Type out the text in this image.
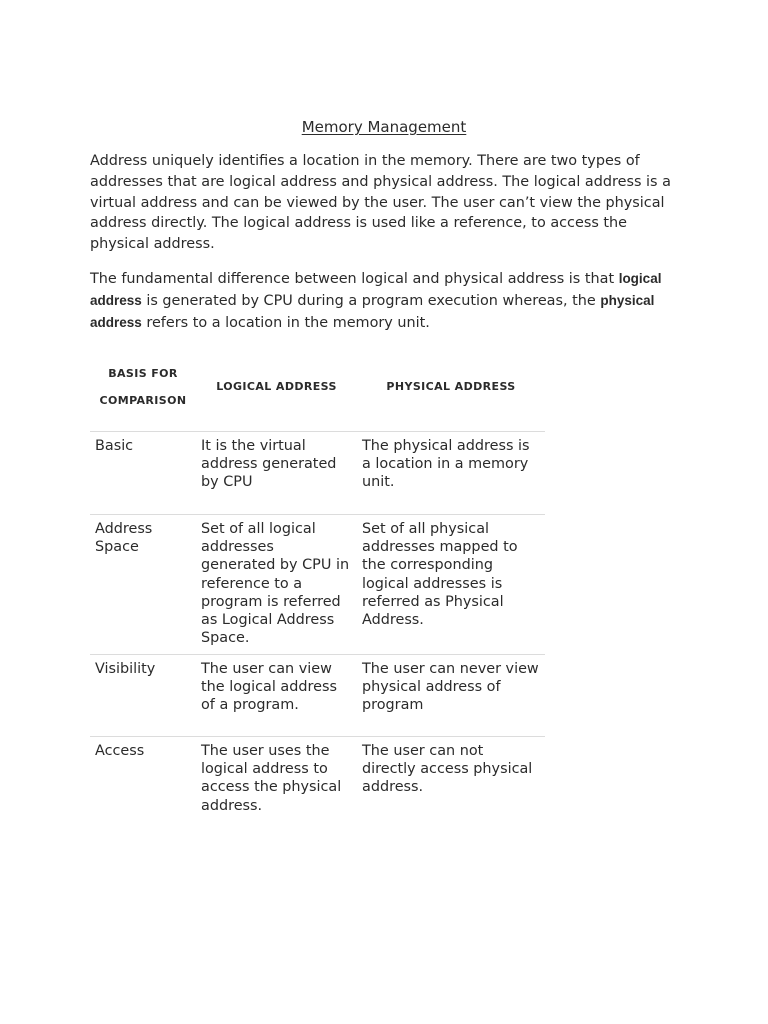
Memory Management

Address uniquely identifies a location in the memory. There are two types of addresses that are logical address and physical address. The logical address is a virtual address and can be viewed by the user. The user can’t view the physical address directly. The logical address is used like a reference, to access the physical address.

The fundamental difference between logical and physical address is that logical address is generated by CPU during a program execution whereas, the physical address refers to a location in the memory unit.

BASIS FOR
COMPARISON	LOGICAL ADDRESS	PHYSICAL ADDRESS
Basic	It is the virtual address generated by CPU	The physical address is a location in a memory unit.
Address Space	Set of all logical addresses generated by CPU in reference to a program is referred as Logical Address Space.	Set of all physical addresses mapped to the corresponding logical addresses is referred as Physical Address.
Visibility	The user can view the logical address of a program.	The user can never view physical address of program
Access	The user uses the logical address to access the physical address.	The user can not directly access physical address.
